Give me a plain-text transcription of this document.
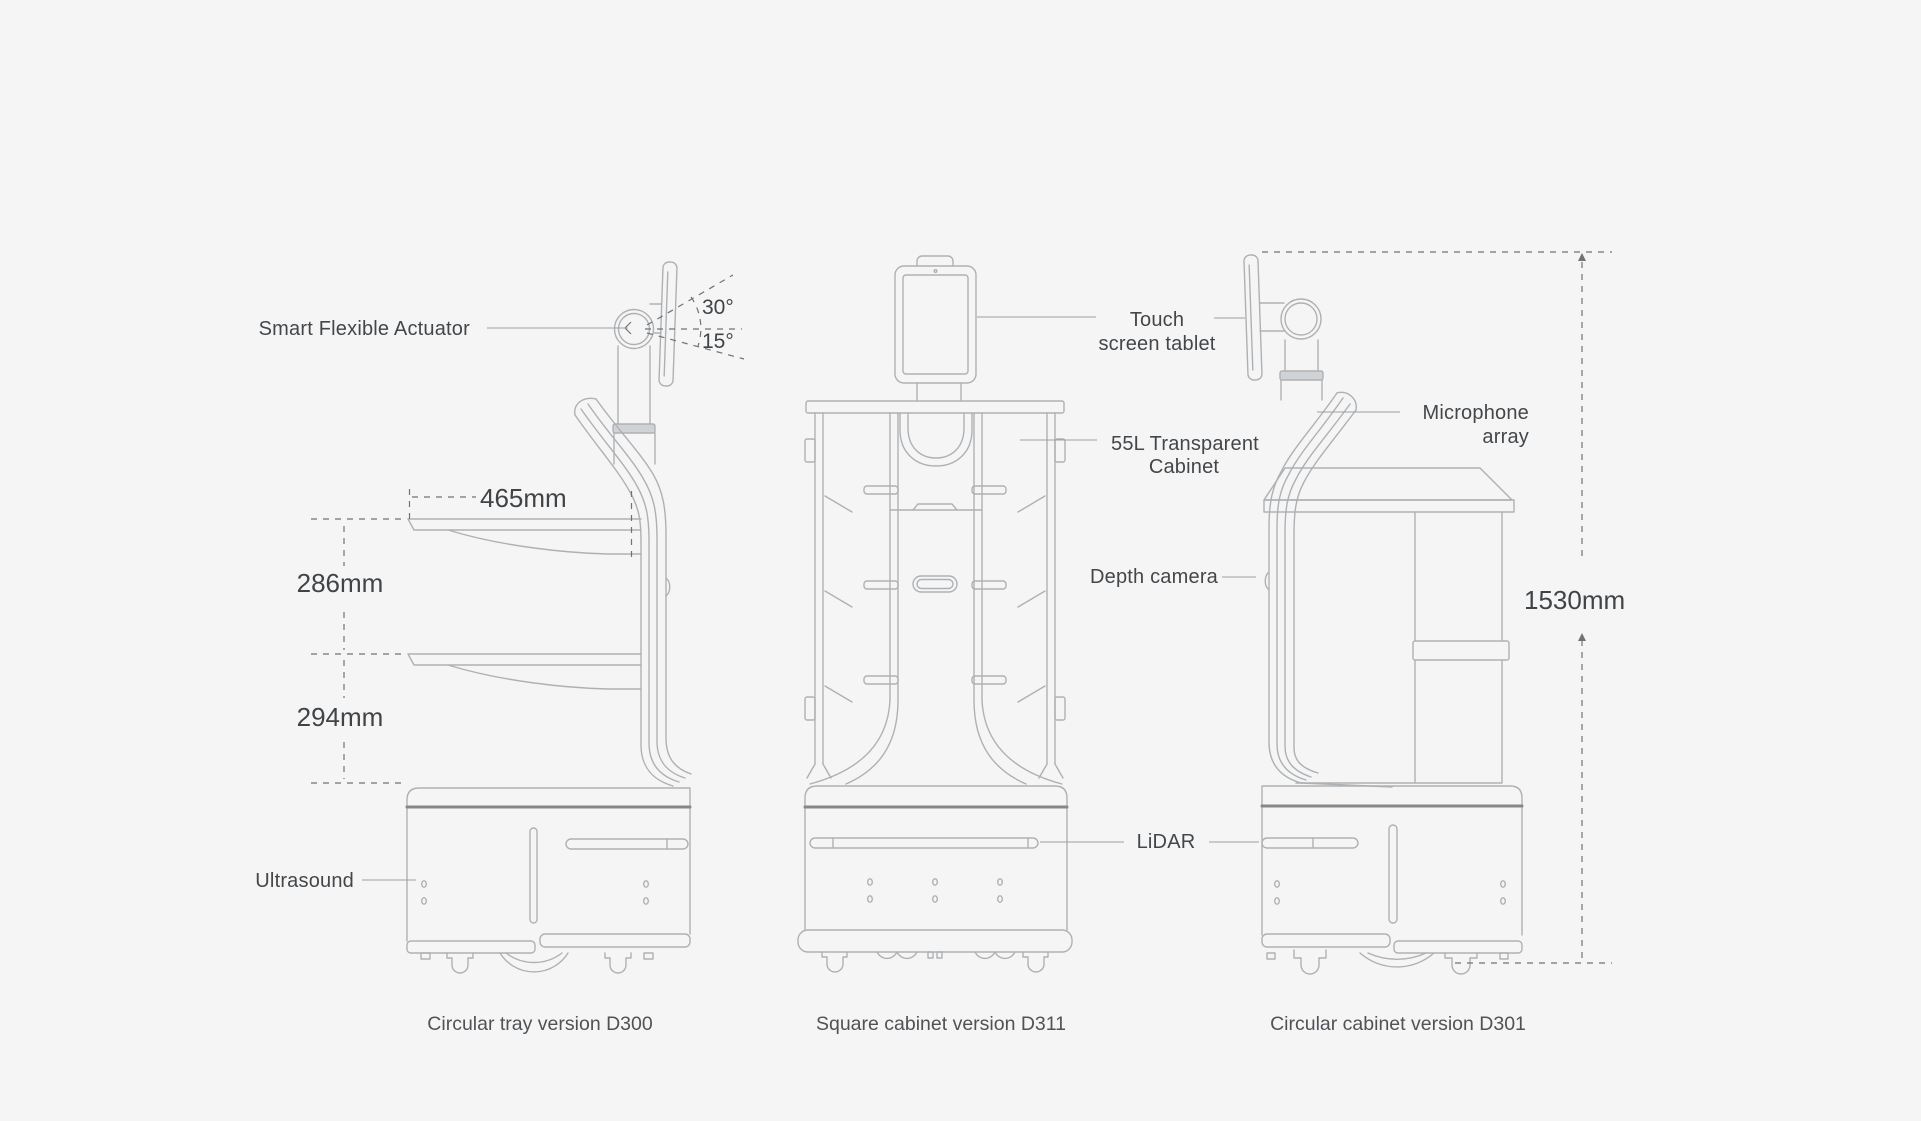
Smart Flexible Actuator
30°
15°
465mm
286mm
294mm
Ultrasound
Touch
screen tablet
55L Transparent
Cabinet
Depth camera
LiDAR
Microphone
array
1530mm
Circular tray version D300	Square cabinet version D311	Circular cabinet version D301
